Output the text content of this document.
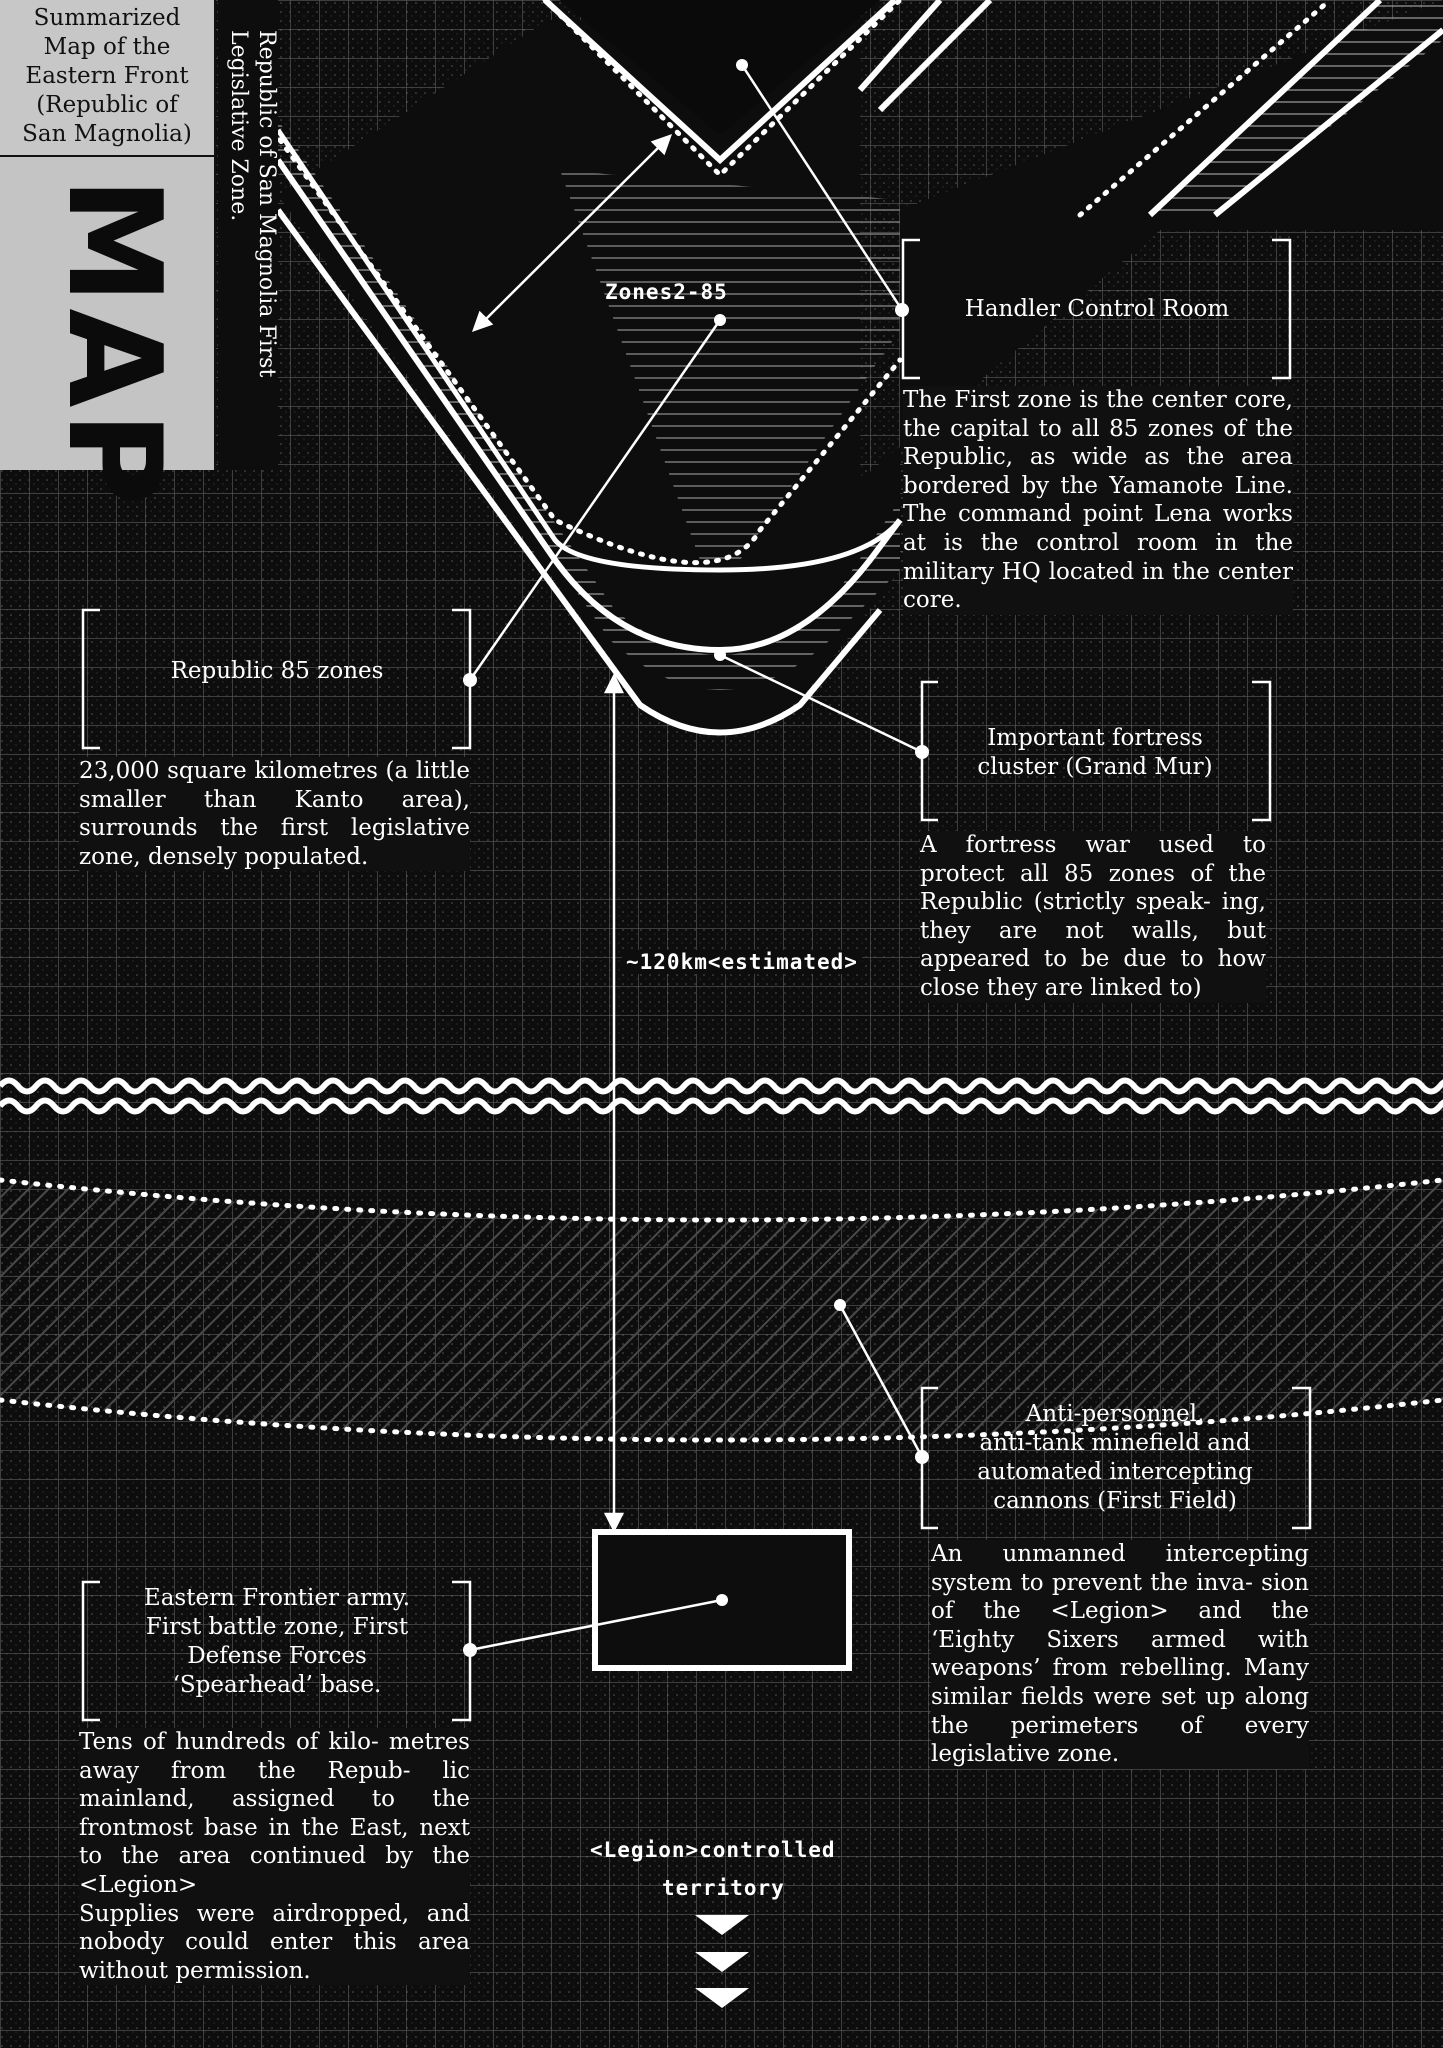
Summarized
Map of the
Eastern Front
(Republic of
San Magnolia)
MAP	Republic of San Magnolia First
Legislative Zone.
Zones2-85
~120km<estimated>
<Legion>controlled
territory
Handler Control Room
The First zone is the center core, the capital to all 85 zones of the Republic, as wide as the area bordered by the Yamanote Line. The command point Lena works at is the control room in the military HQ located in the center core.
Republic 85 zones
23,000 square kilometres (a little smaller than Kanto area), surrounds the first legislative zone, densely populated.
Important fortress
cluster (Grand Mur)
A fortress war used to protect all 85 zones of the Republic (strictly speak- ing, they are not walls, but appeared to be due to how close they are linked to)
Anti-personnel,
anti-tank minefield and
automated intercepting
cannons (First Field)
An unmanned intercepting system to prevent the inva- sion of the <Legion> and the ‘Eighty Sixers armed with weapons’ from rebelling. Many similar fields were set up along the perimeters of every legislative zone.
Eastern Frontier army.
First battle zone, First
Defense Forces
‘Spearhead’ base.
Tens of hundreds of kilo- metres away from the Repub- lic mainland, assigned to the frontmost base in the East, next to the area continued by the <Legion>
Supplies were airdropped, and nobody could enter this area without permission.
